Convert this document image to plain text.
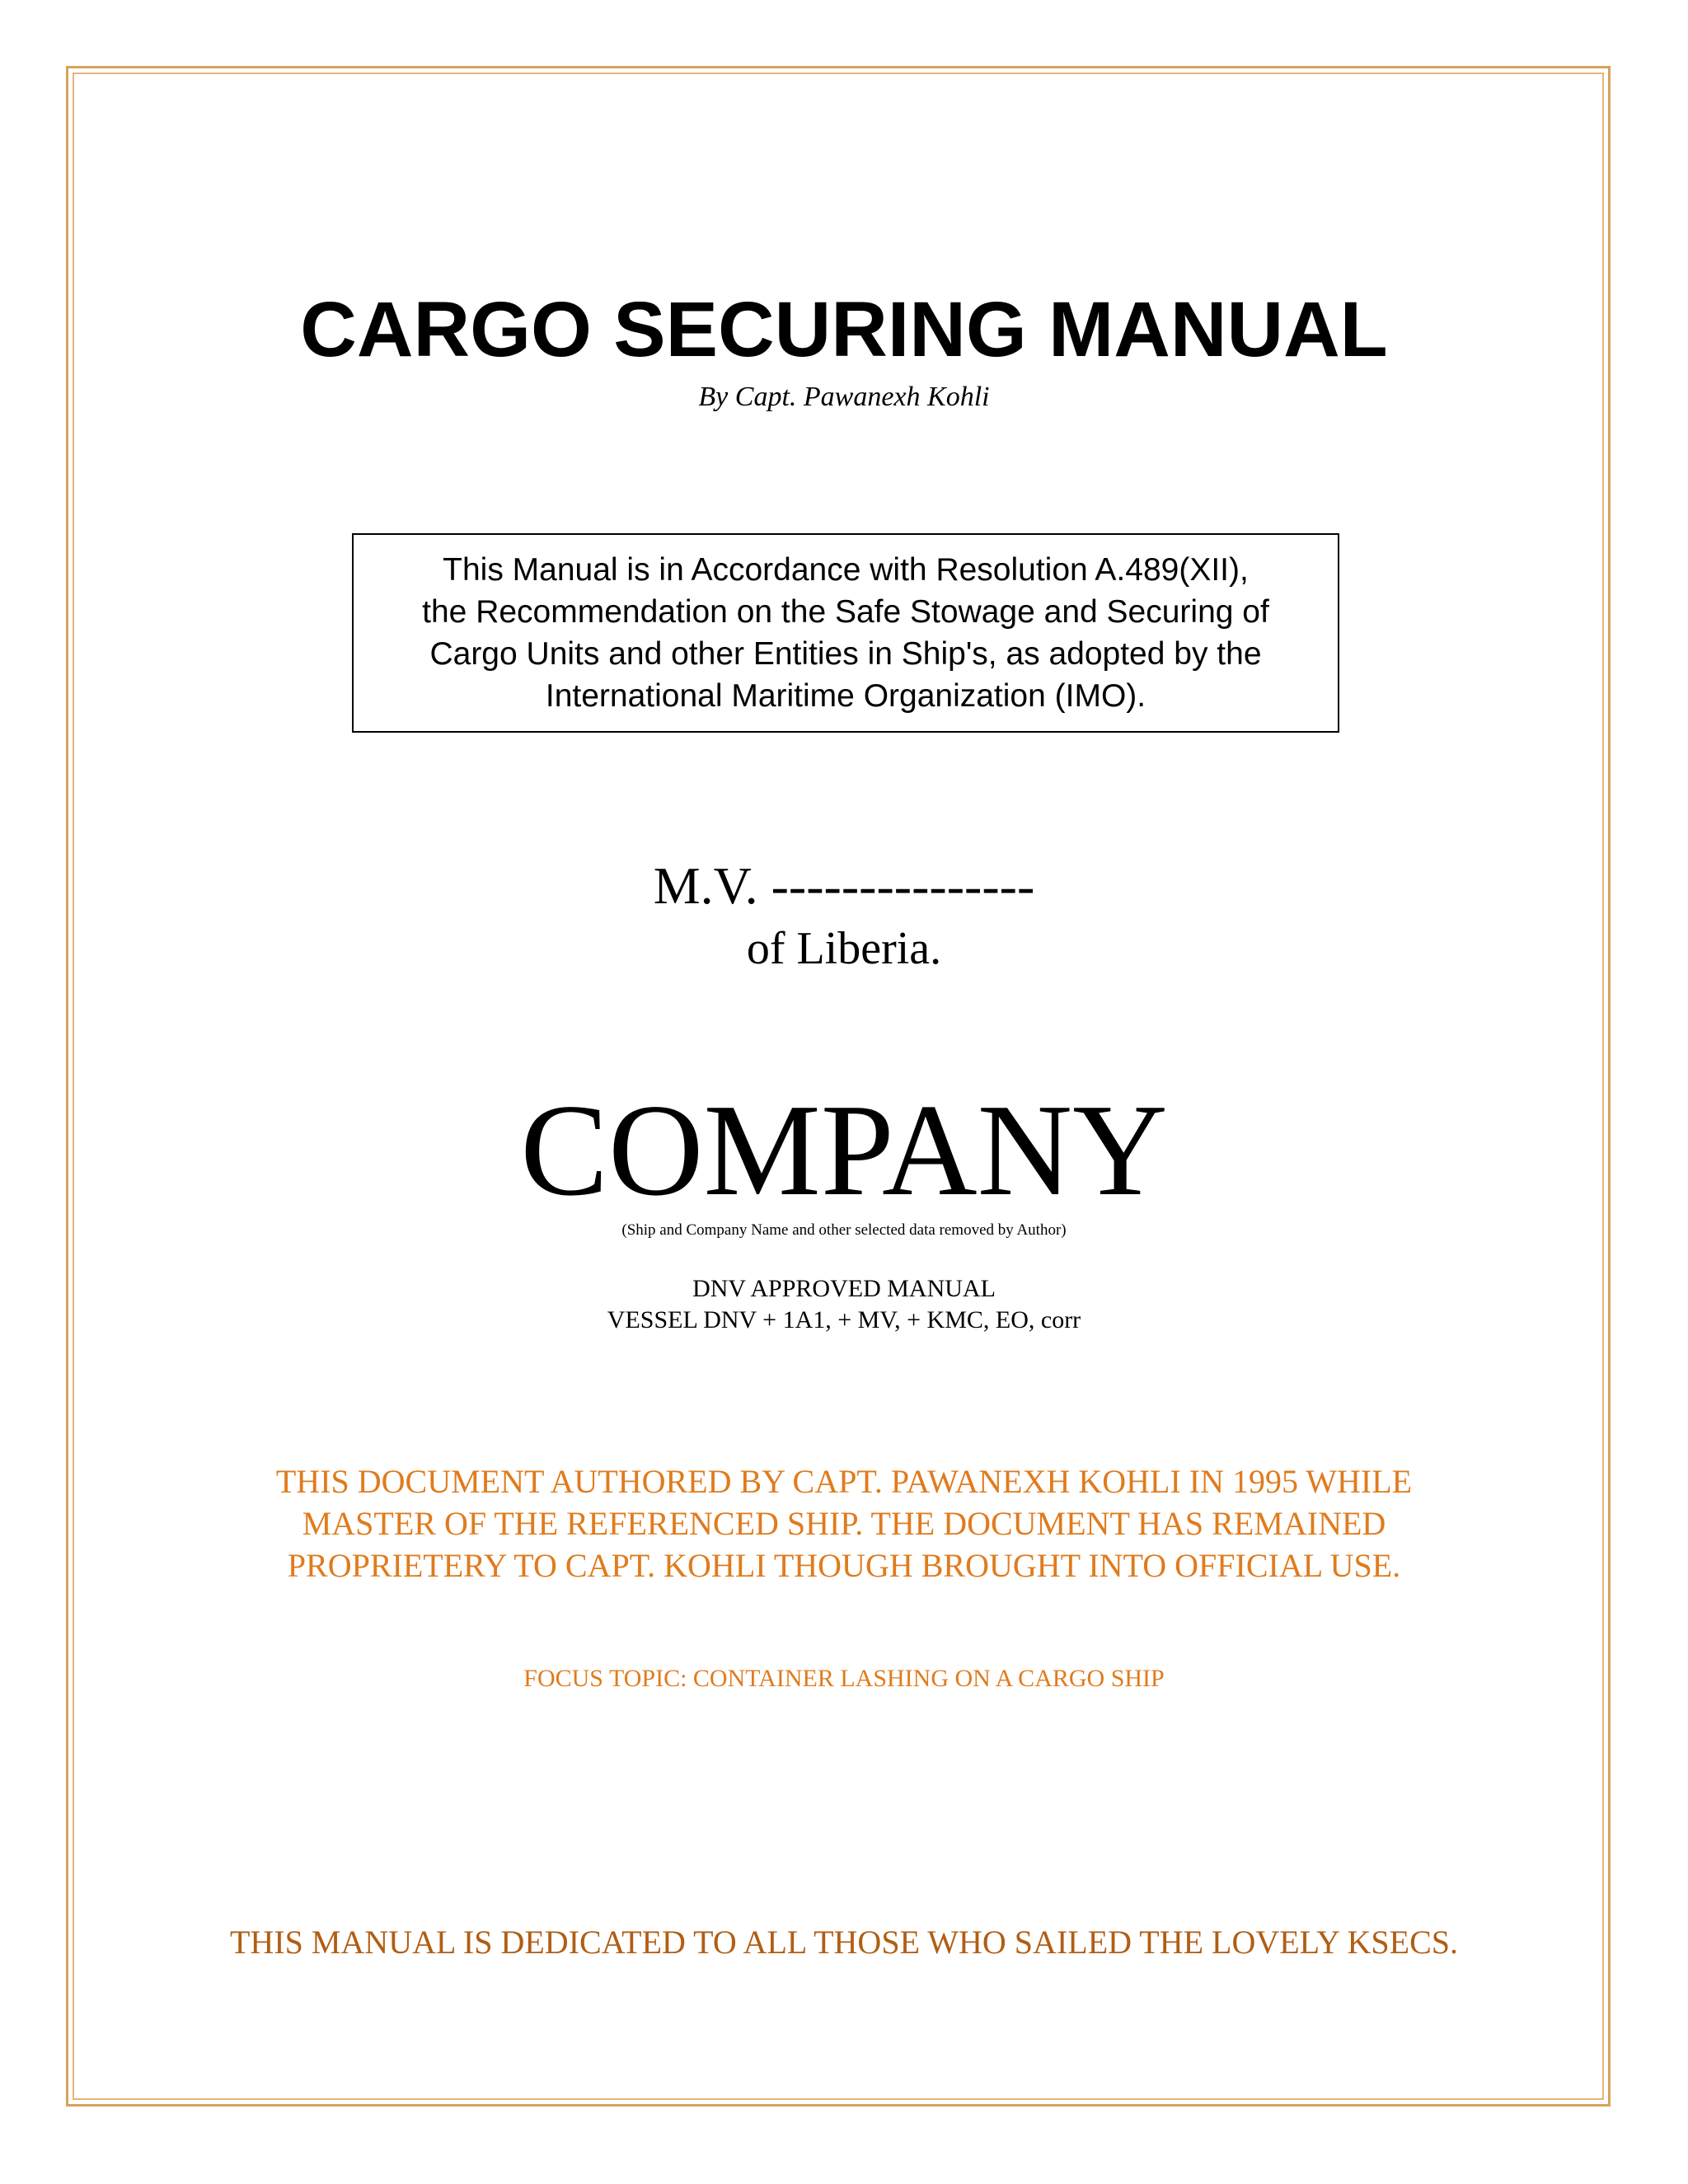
CARGO SECURING MANUAL
By Capt. Pawanexh Kohli
This Manual is in Accordance with Resolution A.489(XII),
the Recommendation on the Safe Stowage and Securing of
Cargo Units and other Entities in Ship's, as adopted by the
International Maritime Organization (IMO).
M.V. ---------------
of Liberia.
COMPANY
(Ship and Company Name and other selected data removed by Author)
DNV APPROVED MANUAL
VESSEL DNV + 1A1, + MV, + KMC, EO, corr
THIS DOCUMENT AUTHORED BY CAPT. PAWANEXH KOHLI IN 1995 WHILE
MASTER OF THE REFERENCED SHIP. THE DOCUMENT HAS REMAINED
PROPRIETERY TO CAPT. KOHLI THOUGH BROUGHT INTO OFFICIAL USE.
FOCUS TOPIC: CONTAINER LASHING ON A CARGO SHIP
THIS MANUAL IS DEDICATED TO ALL THOSE WHO SAILED THE LOVELY KSECS.
